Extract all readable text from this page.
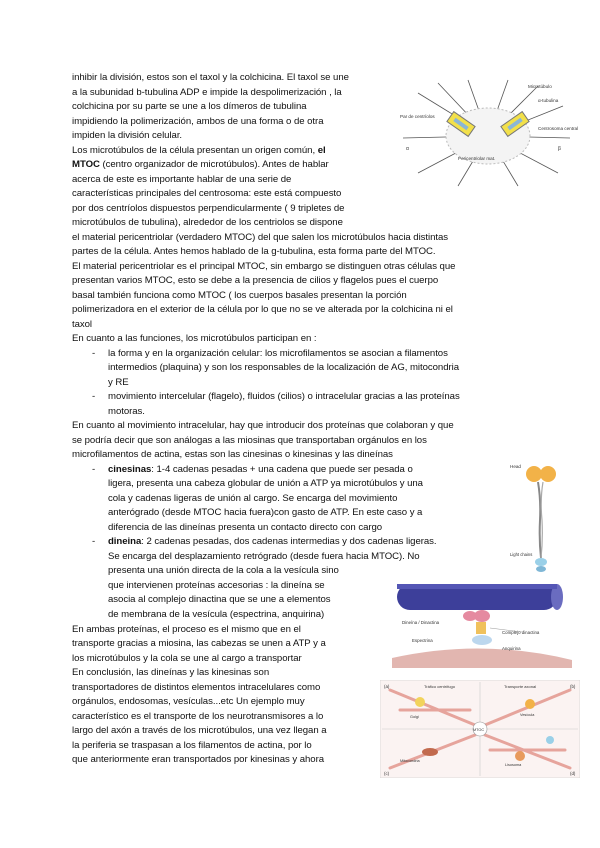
inhibir la división, estos son el taxol y la colchicina. El taxol se une
a la subunidad b-tubulina ADP e impide la despolimerización , la
colchicina por su parte se une a los dímeros de tubulina
impidiendo la polimerización, ambos de una forma o de otra
impiden la división celular.
Los microtúbulos de la célula presentan un origen común, el
MTOC (centro organizador de microtúbulos). Antes de hablar
acerca de este es importante hablar de una serie de
características principales del centrosoma: este está compuesto
por dos centríolos dispuestos perpendicularmente ( 9 tripletes de
microtúbulos de tubulina), alrededor de los centriolos se dispone
el material pericentriolar (verdadero MTOC) del que salen los microtúbulos hacia distintas
partes de la célula. Antes hemos hablado de la g-tubulina, esta forma parte del MTOC.
El material pericentriolar es el principal MTOC, sin embargo se distinguen otras células que
presentan varios MTOC, esto se debe a la presencia de cilios y flagelos pues el cuerpo
basal también funciona como MTOC ( los cuerpos basales presentan la porción
polimerizadora en el exterior de la célula por lo que no se ve alterada por la colchicina ni el
taxol
En cuanto a las funciones, los microtúbulos participan en :
- la forma y en la organización celular: los microfilamentos se asocian a filamentos
intermedios (plaquina) y son los responsables de la localización de AG, mitocondria
y RE
- movimiento intercelular (flagelo), fluidos (cilios) o intracelular gracias a las proteínas
motoras.
En cuanto al movimiento intracelular, hay que introducir dos proteínas que colaboran y que
se podría decir que son análogas a las miosinas que transportaban orgánulos en los
microfilamentos de actina, estas son las cinesinas o kinesinas y las dineínas
- cinesinas: 1-4 cadenas pesadas + una cadena que puede ser pesada o
ligera, presenta una cabeza globular de unión a ATP ya microtúbulos y una
cola y cadenas ligeras de unión al cargo. Se encarga del movimiento
anterógrado (desde MTOC hacia fuera)con gasto de ATP. En este caso y a
diferencia de las dineínas presenta un contacto directo con cargo
- dineina: 2 cadenas pesadas, dos cadenas intermedias y dos cadenas ligeras.
Se encarga del desplazamiento retrógrado (desde fuera hacia MTOC). No
presenta una unión directa de la cola a la vesícula sino
que intervienen proteínas accesorias : la dineína se
asocia al complejo dinactina que se une a elementos
de membrana de la vesícula (espectrina, anquirina)
En ambas proteínas, el proceso es el mismo que en el
transporte gracias a miosina, las cabezas se unen a ATP y a
los microtúbulos y la cola se une al cargo a transportar
En conclusión, las dineínas y las kinesinas son
transportadores de distintos elementos intracelulares como
orgánulos, endosomas, vesículas...etc Un ejemplo muy
característico es el transporte de los neurotransmisores a lo
largo del axón a través de los microtúbulos, una vez llegan a
la periferia se traspasan a los filamentos de actina, por lo
que anteriormente eran transportados por kinesinas y ahora
Par de centríolos
Microtúbulo
α-tubulina
Centrosoma central
Pericentriolar mat.
α	β
Head
Light chains
Dineína / Dinactina
Complejo dinactina
Espectrina
Anquirina
(a)	(b)
(c)	(d)
Tráfico centrífugo	Transporte axonal
MTOC
Golgi	Vesícula
Mitocondria
Lisosoma
